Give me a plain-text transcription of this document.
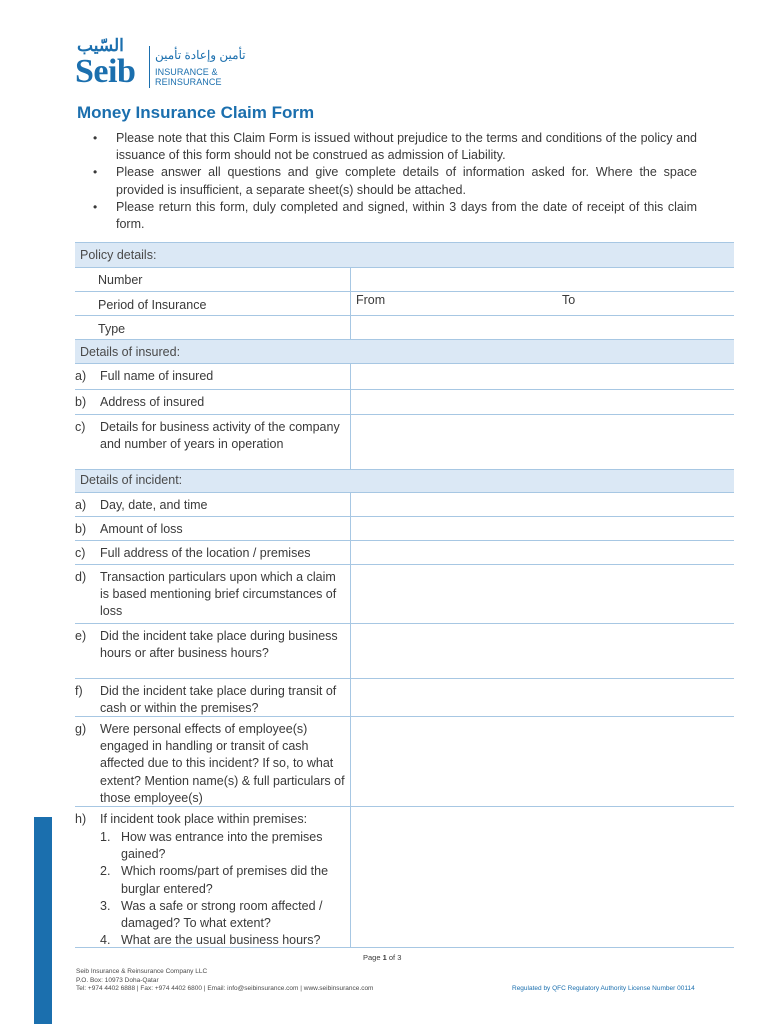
السّيب
Seib تأمين وإعادة تأمين
INSURANCE & REINSURANCE
Money Insurance Claim Form
• Please note that this Claim Form is issued without prejudice to the terms and conditions of the policy and issuance of this form should not be construed as admission of Liability.
• Please answer all questions and give complete details of information asked for. Where the space provided is insufficient, a separate sheet(s) should be attached.
• Please return this form, duly completed and signed, within 3 days from the date of receipt of this claim form.
Policy details:
Number
Period of Insurance	From	To
Type
Details of insured:
a) Full name of insured
b) Address of insured
c) Details for business activity of the company and number of years in operation
Details of incident:
a) Day, date, and time
b) Amount of loss
c) Full address of the location / premises
d) Transaction particulars upon which a claim is based mentioning brief circumstances of loss
e) Did the incident take place during business hours or after business hours?
f) Did the incident take place during transit of cash or within the premises?
g) Were personal effects of employee(s) engaged in handling or transit of cash affected due to this incident? If so, to what extent? Mention name(s) & full particulars of those employee(s)
h) If incident took place within premises:
1. How was entrance into the premises gained?
2. Which rooms/part of premises did the burglar entered?
3. Was a safe or strong room affected / damaged? To what extent?
4. What are the usual business hours?
Page 1 of 3
Seib Insurance & Reinsurance Company LLC
P.O. Box: 10973 Doha-Qatar
Tel: +974 4402 6888 | Fax: +974 4402 6800 | Email: info@seibinsurance.com | www.seibinsurance.com	Regulated by QFC Regulatory Authority License Number 00114
